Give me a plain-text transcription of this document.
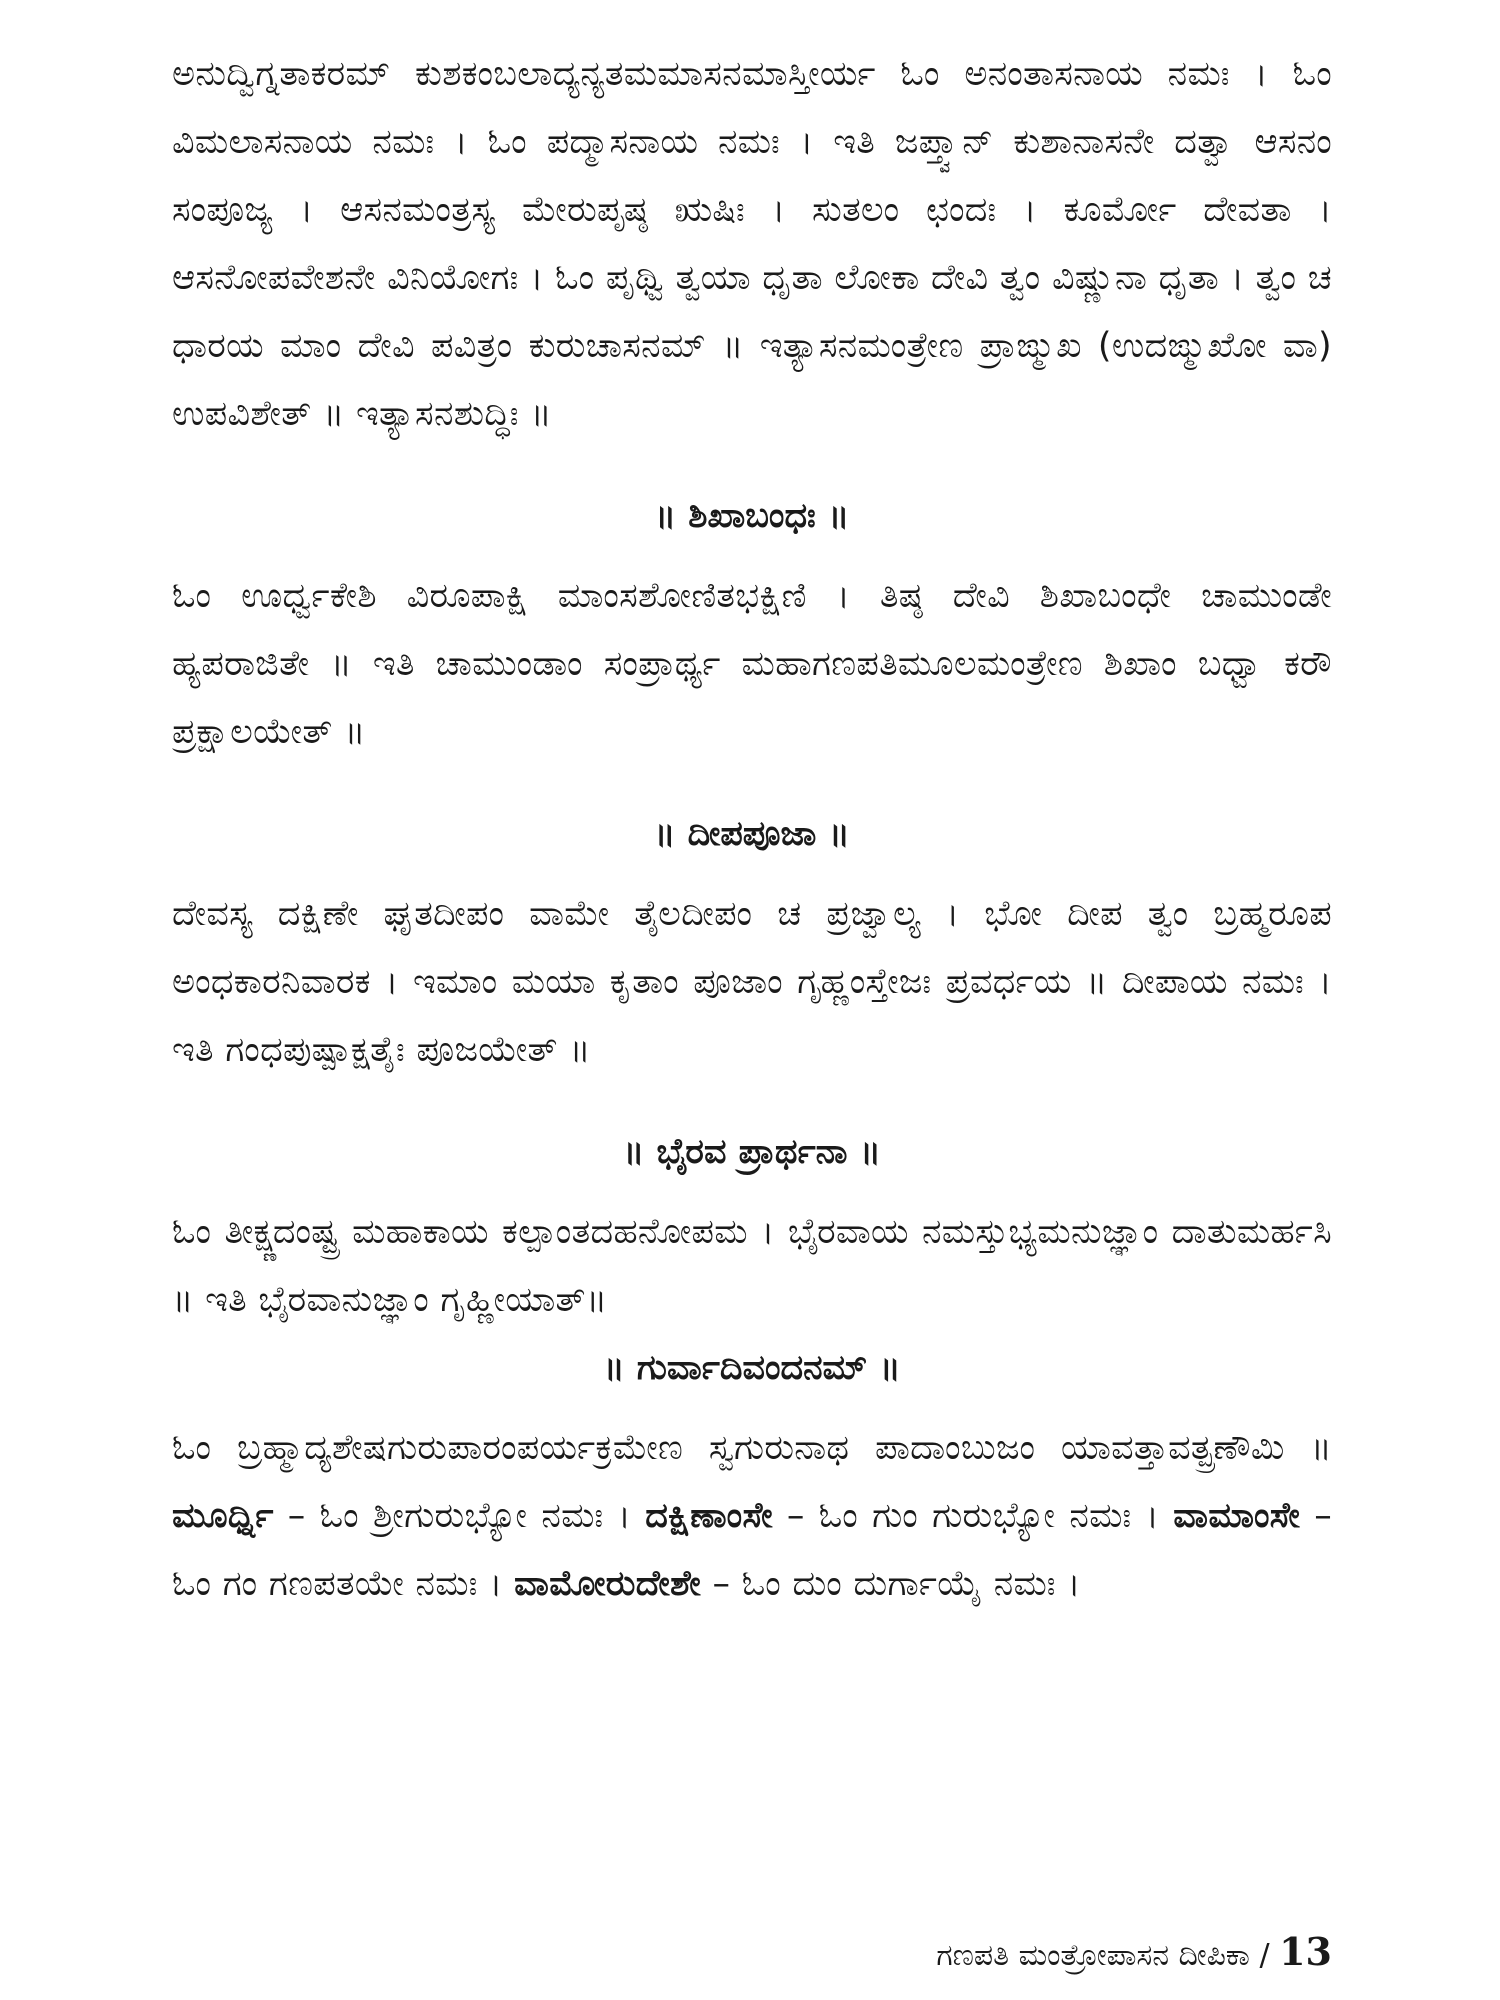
ಅನುದ್ವಿಗ್ನತಾಕರಮ್ ಕುಶಕಂಬಲಾದ್ಯನ್ಯತಮಮಾಸನಮಾಸ್ತೀರ್ಯ ಓಂ ಅನಂತಾಸನಾಯ ನಮಃ । ಓಂ ವಿಮಲಾಸನಾಯ ನಮಃ । ಓಂ ಪದ್ಮಾಸನಾಯ ನಮಃ । ಇತಿ ಜಪ್ತ್ವಾನ್ ಕುಶಾನಾಸನೇ ದತ್ವಾ ಆಸನಂ ಸಂಪೂಜ್ಯ । ಆಸನಮಂತ್ರಸ್ಯ ಮೇರುಪೃಷ್ಠ ಋಷಿಃ । ಸುತಲಂ ಛಂದಃ । ಕೂರ್ಮೋ ದೇವತಾ । ಆಸನೋಪವೇಶನೇ ವಿನಿಯೋಗಃ । ಓಂ ಪೃಥ್ವಿ ತ್ವಯಾ ಧೃತಾ ಲೋಕಾ ದೇವಿ ತ್ವಂ ವಿಷ್ಣುನಾ ಧೃತಾ । ತ್ವಂ ಚ ಧಾರಯ ಮಾಂ ದೇವಿ ಪವಿತ್ರಂ ಕುರುಚಾಸನಮ್ ॥ ಇತ್ಯಾಸನಮಂತ್ರೇಣ ಪ್ರಾಙ್ಮುಖ (ಉದಙ್ಮುಖೋ ವಾ) ಉಪವಿಶೇತ್ ॥ ಇತ್ಯಾಸನಶುದ್ಧಿಃ ॥

॥ ಶಿಖಾಬಂಧಃ ॥

ಓಂ ಊರ್ಧ್ವಕೇಶಿ ವಿರೂಪಾಕ್ಷಿ ಮಾಂಸಶೋಣಿತಭಕ್ಷಿಣಿ । ತಿಷ್ಠ ದೇವಿ ಶಿಖಾಬಂಧೇ ಚಾಮುಂಡೇ ಹ್ಯಪರಾಜಿತೇ ॥ ಇತಿ ಚಾಮುಂಡಾಂ ಸಂಪ್ರಾರ್ಥ್ಯ ಮಹಾಗಣಪತಿಮೂಲಮಂತ್ರೇಣ ಶಿಖಾಂ ಬಧ್ವಾ ಕರೌ ಪ್ರಕ್ಷಾಲಯೇತ್ ॥

॥ ದೀಪಪೂಜಾ ॥

ದೇವಸ್ಯ ದಕ್ಷಿಣೇ ಘೃತದೀಪಂ ವಾಮೇ ತೈಲದೀಪಂ ಚ ಪ್ರಜ್ವಾಲ್ಯ । ಭೋ ದೀಪ ತ್ವಂ ಬ್ರಹ್ಮರೂಪ ಅಂಧಕಾರನಿವಾರಕ । ಇಮಾಂ ಮಯಾ ಕೃತಾಂ ಪೂಜಾಂ ಗೃಹ್ಣಂಸ್ತೇಜಃ ಪ್ರವರ್ಧಯ ॥ ದೀಪಾಯ ನಮಃ । ಇತಿ ಗಂಧಪುಷ್ಪಾಕ್ಷತೈಃ ಪೂಜಯೇತ್ ॥

॥ ಭೈರವ ಪ್ರಾರ್ಥನಾ ॥

ಓಂ ತೀಕ್ಷ್ಣದಂಷ್ಟ್ರ ಮಹಾಕಾಯ ಕಲ್ಪಾಂತದಹನೋಪಮ । ಭೈರವಾಯ ನಮಸ್ತುಭ್ಯಮನುಜ್ಞಾಂ ದಾತುಮರ್ಹಸಿ ॥ ಇತಿ ಭೈರವಾನುಜ್ಞಾಂ ಗೃಹ್ಣೀಯಾತ್॥

॥ ಗುರ್ವಾದಿವಂದನಮ್ ॥

ಓಂ ಬ್ರಹ್ಮಾದ್ಯಶೇಷಗುರುಪಾರಂಪರ್ಯಕ್ರಮೇಣ ಸ್ವಗುರುನಾಥ ಪಾದಾಂಬುಜಂ ಯಾವತ್ತಾವತ್ಪ್ರಣೌಮಿ ॥ ಮೂರ್ಧ್ನಿ – ಓಂ ಶ್ರೀಗುರುಭ್ಯೋ ನಮಃ । ದಕ್ಷಿಣಾಂಸೇ – ಓಂ ಗುಂ ಗುರುಭ್ಯೋ ನಮಃ । ವಾಮಾಂಸೇ – ಓಂ ಗಂ ಗಣಪತಯೇ ನಮಃ । ವಾಮೋರುದೇಶೇ – ಓಂ ದುಂ ದುರ್ಗಾಯೈ ನಮಃ ।

ಗಣಪತಿ ಮಂತ್ರೋಪಾಸನ ದೀಪಿಕಾ / 13
